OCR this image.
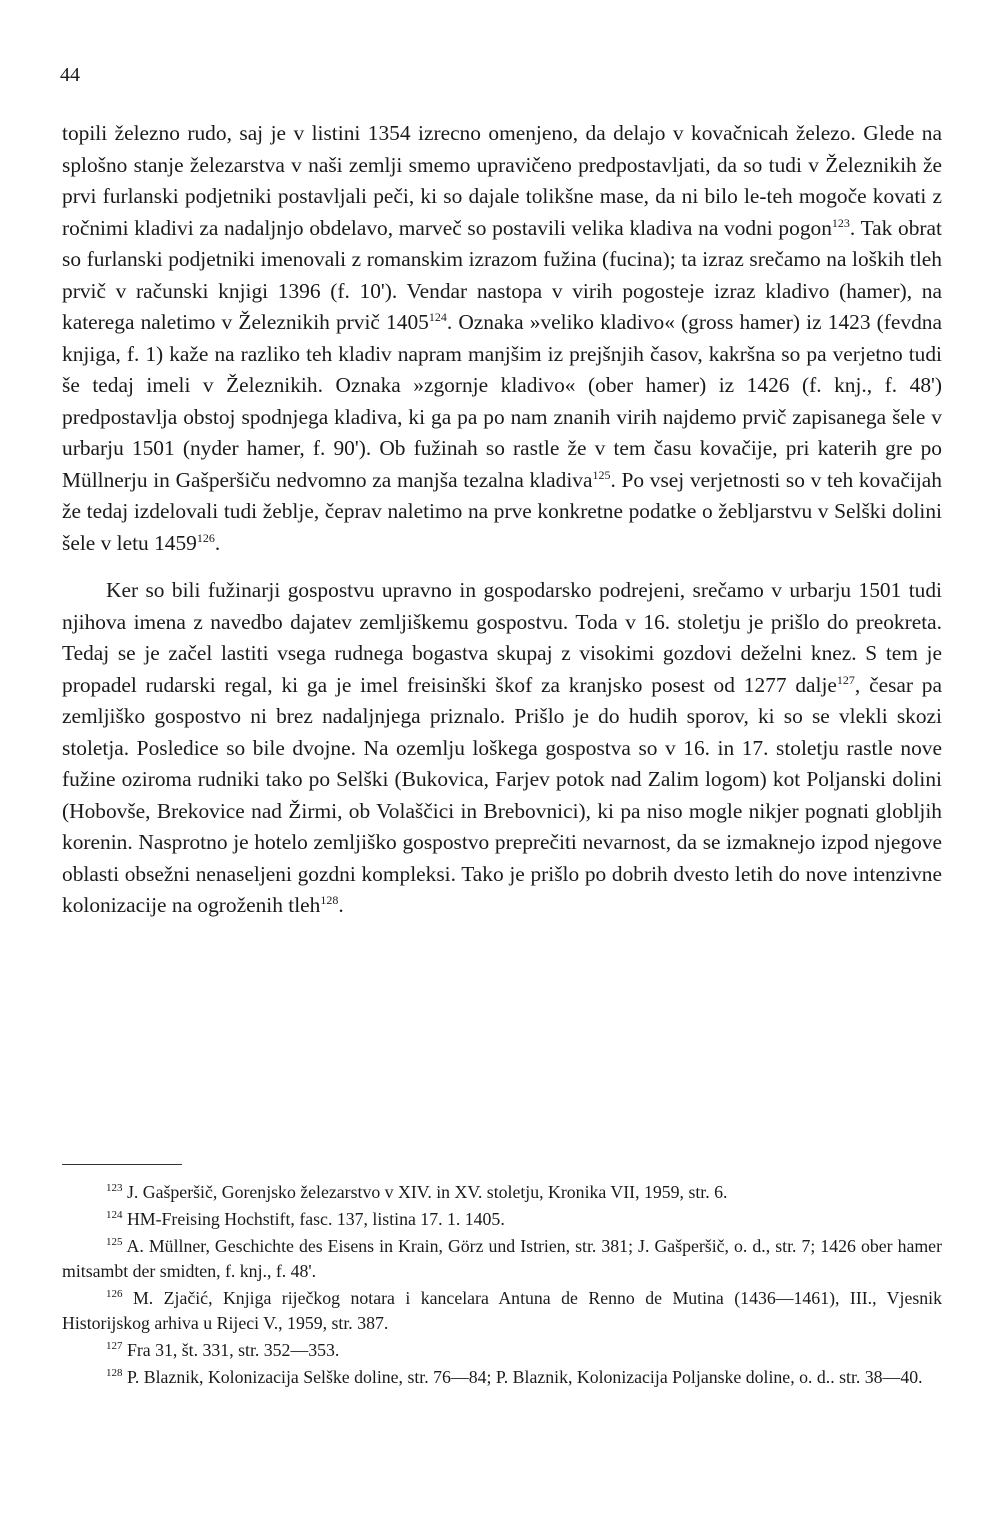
44

topili železno rudo, saj je v listini 1354 izrecno omenjeno, da delajo v kovačnicah železo. Glede na splošno stanje železarstva v naši zemlji smemo upravičeno predpostavljati, da so tudi v Železnikih že prvi furlanski podjetniki postavljali peči, ki so dajale tolikšne mase, da ni bilo le-teh mogoče kovati z ročnimi kladivi za nadaljnjo obdelavo, marveč so postavili velika kladiva na vodni pogon$^{123}$. Tak obrat so furlanski podjetniki imenovali z romanskim izrazom fužina (fucina); ta izraz srečamo na loških tleh prvič v računski knjigi 1396 (f. 10'). Vendar nastopa v virih pogosteje izraz kladivo (hamer), na katerega naletimo v Železnikih prvič 1405$^{124}$. Oznaka »veliko kladivo« (gross hamer) iz 1423 (fevdna knjiga, f. 1) kaže na razliko teh kladiv napram manjšim iz prejšnjih časov, kakršna so pa verjetno tudi še tedaj imeli v Železnikih. Oznaka »zgornje kladivo« (ober hamer) iz 1426 (f. knj., f. 48') predpostavlja obstoj spodnjega kladiva, ki ga pa po nam znanih virih najdemo prvič zapisanega šele v urbarju 1501 (nyder hamer, f. 90'). Ob fužinah so rastle že v tem času kovačije, pri katerih gre po Müllnerju in Gašperšiču nedvomno za manjša tezalna kladiva$^{125}$. Po vsej verjetnosti so v teh kovačijah že tedaj izdelovali tudi žeblje, čeprav naletimo na prve konkretne podatke o žebljarstvu v Selški dolini šele v letu 1459$^{126}$.

Ker so bili fužinarji gospostvu upravno in gospodarsko podrejeni, srečamo v urbarju 1501 tudi njihova imena z navedbo dajatev zemljiškemu gospostvu. Toda v 16. stoletju je prišlo do preokreta. Tedaj se je začel lastiti vsega rudnega bogastva skupaj z visokimi gozdovi deželni knez. S tem je propadel rudarski regal, ki ga je imel freisinški škof za kranjsko posest od 1277 dalje$^{127}$, česar pa zemljiško gospostvo ni brez nadaljnjega priznalo. Prišlo je do hudih sporov, ki so se vlekli skozi stoletja. Posledice so bile dvojne. Na ozemlju loškega gospostva so v 16. in 17. stoletju rastle nove fužine oziroma rudniki tako po Selški (Bukovica, Farjev potok nad Zalim logom) kot Poljanski dolini (Hobovše, Brekovice nad Žirmi, ob Volaščici in Brebovnici), ki pa niso mogle nikjer pognati globljih korenin. Nasprotno je hotelo zemljiško gospostvo preprečiti nevarnost, da se izmaknejo izpod njegove oblasti obsežni nenaseljeni gozdni kompleksi. Tako je prišlo po dobrih dvesto letih do nove intenzivne kolonizacije na ogroženih tleh$^{128}$.

$^{123}$ J. Gašperšič, Gorenjsko železarstvo v XIV. in XV. stoletju, Kronika VII, 1959, str. 6.

$^{124}$ HM-Freising Hochstift, fasc. 137, listina 17. 1. 1405.

$^{125}$ A. Müllner, Geschichte des Eisens in Krain, Görz und Istrien, str. 381; J. Gašperšič, o. d., str. 7; 1426 ober hamer mitsambt der smidten, f. knj., f. 48'.

$^{126}$ M. Zjačić, Knjiga riječkog notara i kancelara Antuna de Renno de Mutina (1436—1461), III., Vjesnik Historijskog arhiva u Rijeci V., 1959, str. 387.

$^{127}$ Fra 31, št. 331, str. 352—353.

$^{128}$ P. Blaznik, Kolonizacija Selške doline, str. 76—84; P. Blaznik, Kolonizacija Poljanske doline, o. d.. str. 38—40.
